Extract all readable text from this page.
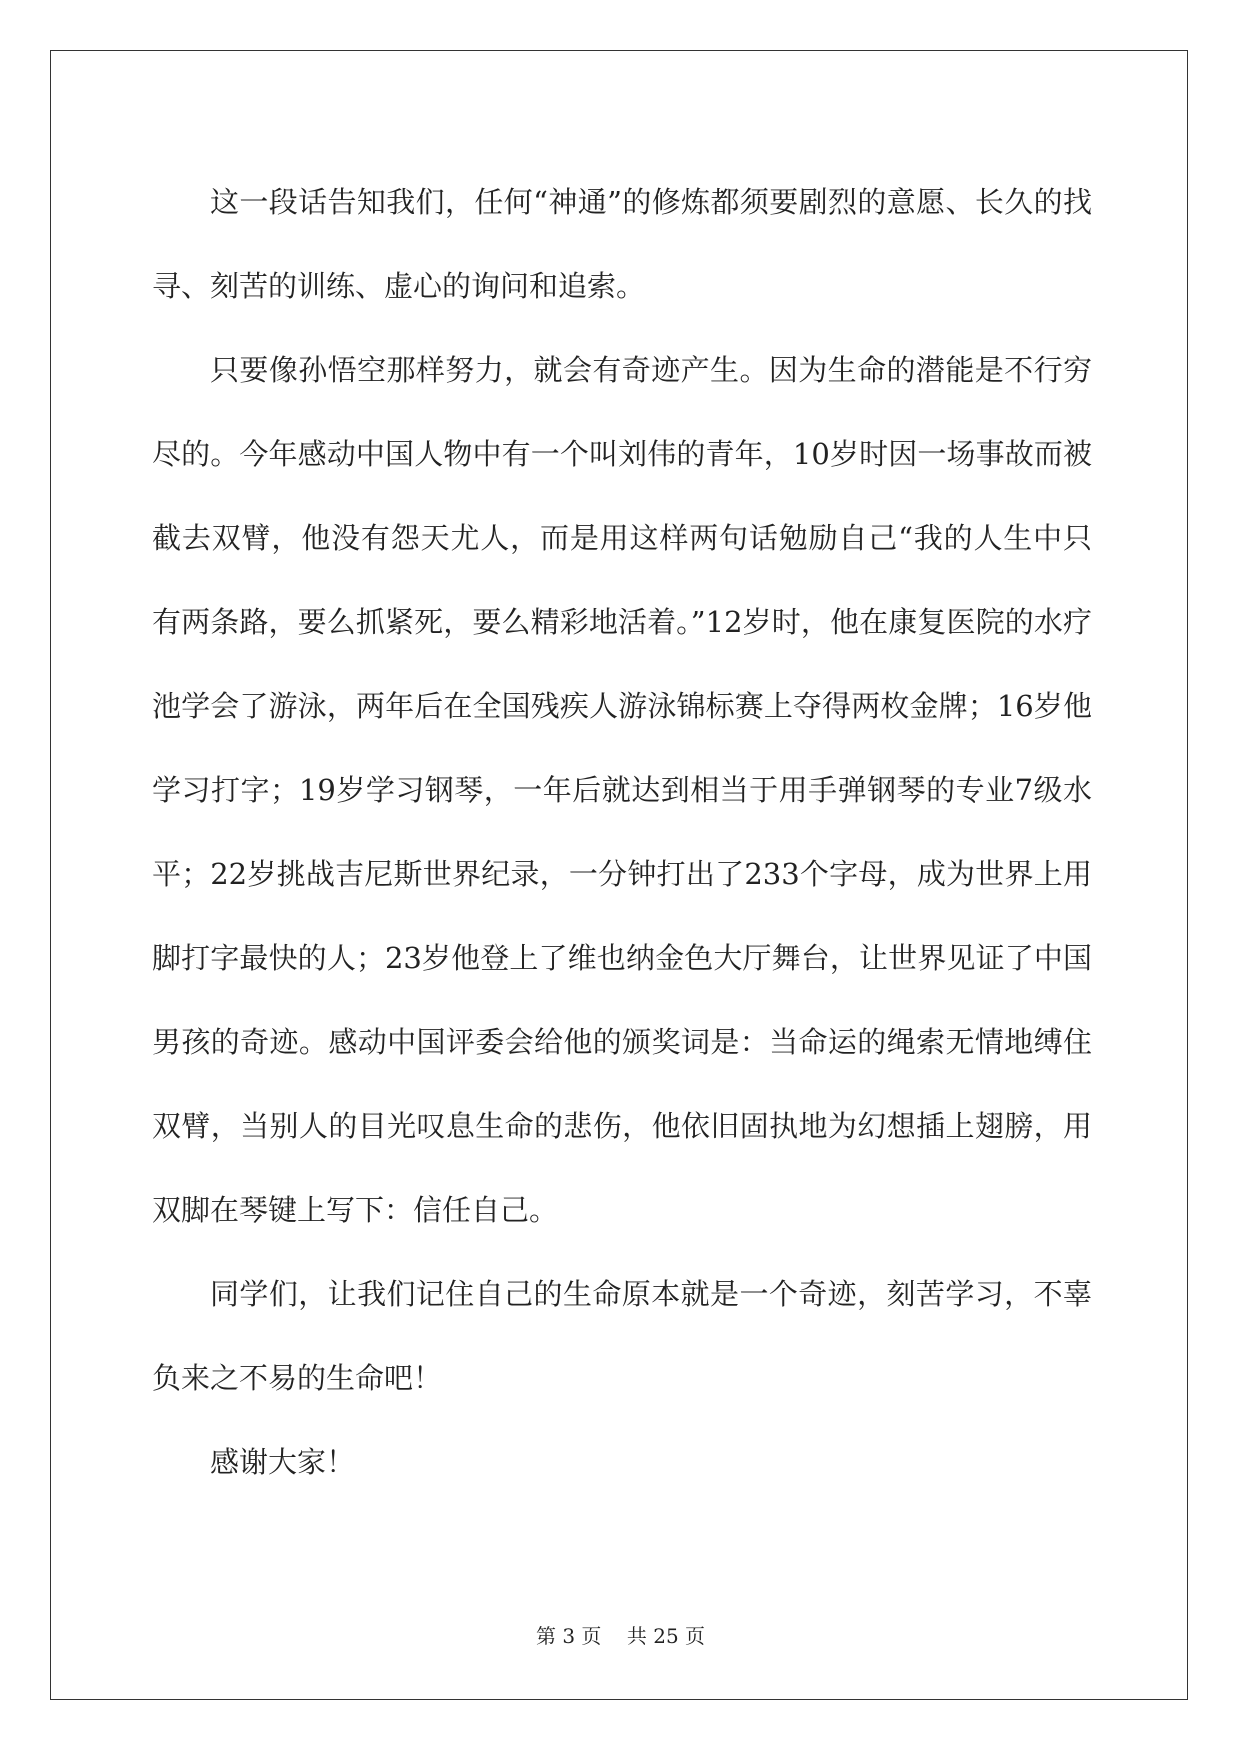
这一段话告知我们，任何“神通”的修炼都须要剧烈的意愿、长久的找寻、刻苦的训练、虚心的询问和追索。

只要像孙悟空那样努力，就会有奇迹产生。因为生命的潜能是不行穷尽的。今年感动中国人物中有一个叫刘伟的青年，10岁时因一场事故而被截去双臂，他没有怨天尤人，而是用这样两句话勉励自己“我的人生中只有两条路，要么抓紧死，要么精彩地活着。”12岁时，他在康复医院的水疗池学会了游泳，两年后在全国残疾人游泳锦标赛上夺得两枚金牌；16岁他学习打字；19岁学习钢琴，一年后就达到相当于用手弹钢琴的专业7级水平；22岁挑战吉尼斯世界纪录，一分钟打出了233个字母，成为世界上用脚打字最快的人；23岁他登上了维也纳金色大厅舞台，让世界见证了中国男孩的奇迹。感动中国评委会给他的颁奖词是：当命运的绳索无情地缚住双臂，当别人的目光叹息生命的悲伤，他依旧固执地为幻想插上翅膀，用双脚在琴键上写下：信任自己。

同学们，让我们记住自己的生命原本就是一个奇迹，刻苦学习，不辜负来之不易的生命吧！

感谢大家！

第 3 页 共 25 页
